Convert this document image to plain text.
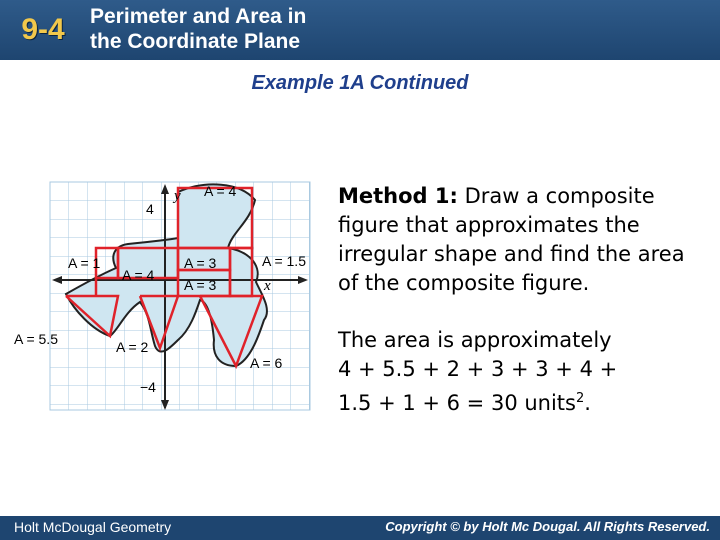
9-4	Perimeter and Area in
the Coordinate Plane
Example 1A Continued
4
−4
y
x
A = 4
A = 1
A = 4
A = 3
A = 3
A = 1.5
A = 5.5	A = 2
A = 6
Method 1: Draw a composite figure that approximates the irregular shape and find the area of the composite figure.
The area is approximately
4 + 5.5 + 2 + 3 + 3 + 4 +
1.5 + 1 + 6 = 30 units$^2$.
Holt McDougal Geometry	Copyright © by Holt Mc Dougal. All Rights Reserved.
